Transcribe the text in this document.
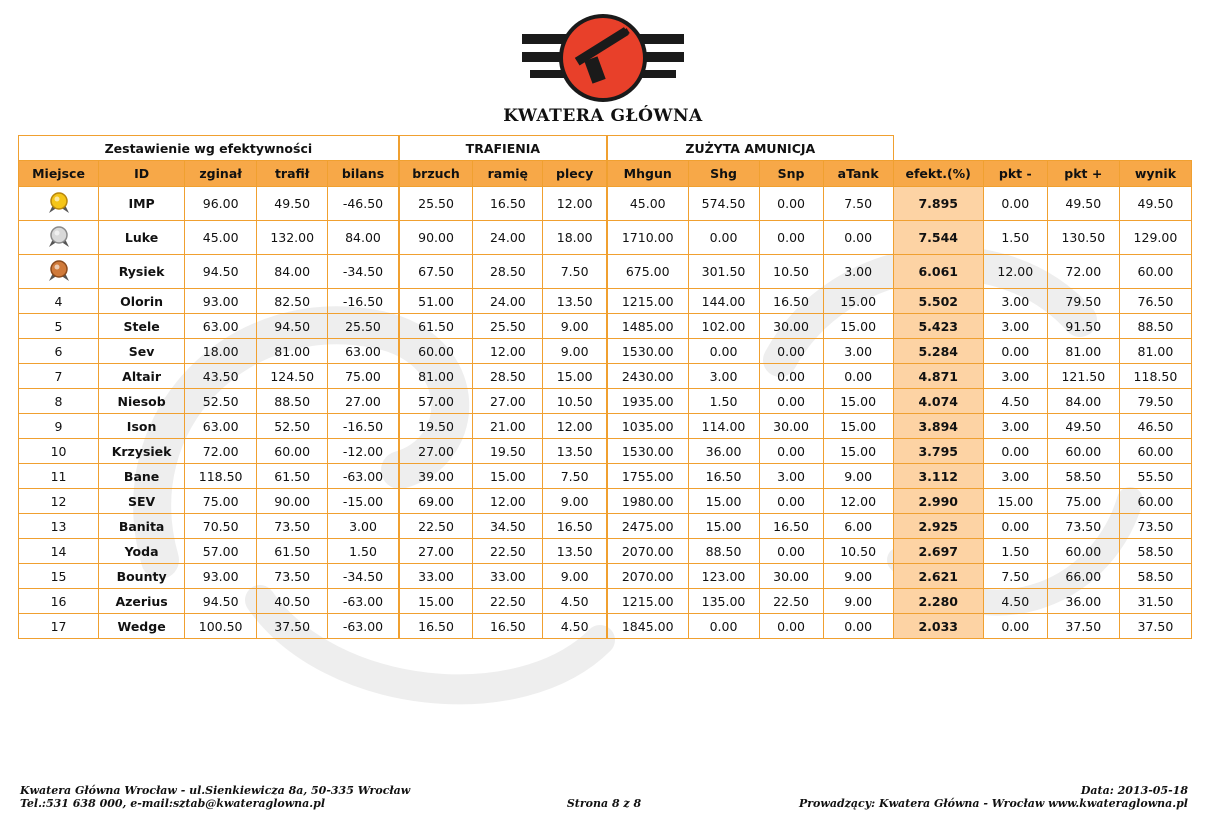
KWATERA GŁÓWNA
Zestawienie wg efektywności					TRAFIENIA			ZUŻYTA AMUNICJA							
Miejsce	ID	zginał	trafił	bilans	brzuch	ramię	plecy	Mhgun	Shg	Snp	aTank	efekt.(%)	pkt -	pkt +	wynik
	IMP	96.00	49.50	-46.50	25.50	16.50	12.00	45.00	574.50	0.00	7.50	7.895	0.00	49.50	49.50
	Luke	45.00	132.00	84.00	90.00	24.00	18.00	1710.00	0.00	0.00	0.00	7.544	1.50	130.50	129.00
	Rysiek	94.50	84.00	-34.50	67.50	28.50	7.50	675.00	301.50	10.50	3.00	6.061	12.00	72.00	60.00
4	Olorin	93.00	82.50	-16.50	51.00	24.00	13.50	1215.00	144.00	16.50	15.00	5.502	3.00	79.50	76.50
5	Stele	63.00	94.50	25.50	61.50	25.50	9.00	1485.00	102.00	30.00	15.00	5.423	3.00	91.50	88.50
6	Sev	18.00	81.00	63.00	60.00	12.00	9.00	1530.00	0.00	0.00	3.00	5.284	0.00	81.00	81.00
7	Altair	43.50	124.50	75.00	81.00	28.50	15.00	2430.00	3.00	0.00	0.00	4.871	3.00	121.50	118.50
8	Niesob	52.50	88.50	27.00	57.00	27.00	10.50	1935.00	1.50	0.00	15.00	4.074	4.50	84.00	79.50
9	Ison	63.00	52.50	-16.50	19.50	21.00	12.00	1035.00	114.00	30.00	15.00	3.894	3.00	49.50	46.50
10	Krzysiek	72.00	60.00	-12.00	27.00	19.50	13.50	1530.00	36.00	0.00	15.00	3.795	0.00	60.00	60.00
11	Bane	118.50	61.50	-63.00	39.00	15.00	7.50	1755.00	16.50	3.00	9.00	3.112	3.00	58.50	55.50
12	SEV	75.00	90.00	-15.00	69.00	12.00	9.00	1980.00	15.00	0.00	12.00	2.990	15.00	75.00	60.00
13	Banita	70.50	73.50	3.00	22.50	34.50	16.50	2475.00	15.00	16.50	6.00	2.925	0.00	73.50	73.50
14	Yoda	57.00	61.50	1.50	27.00	22.50	13.50	2070.00	88.50	0.00	10.50	2.697	1.50	60.00	58.50
15	Bounty	93.00	73.50	-34.50	33.00	33.00	9.00	2070.00	123.00	30.00	9.00	2.621	7.50	66.00	58.50
16	Azerius	94.50	40.50	-63.00	15.00	22.50	4.50	1215.00	135.00	22.50	9.00	2.280	4.50	36.00	31.50
17	Wedge	100.50	37.50	-63.00	16.50	16.50	4.50	1845.00	0.00	0.00	0.00	2.033	0.00	37.50	37.50
Kwatera Główna Wrocław - ul.Sienkiewicza 8a, 50-335 Wrocław
Tel.:531 638 000, e-mail:sztab@kwateraglowna.pl	Strona 8 z 8
Data: 2013-05-18
Prowadzący: Kwatera Główna - Wrocław www.kwateraglowna.pl
